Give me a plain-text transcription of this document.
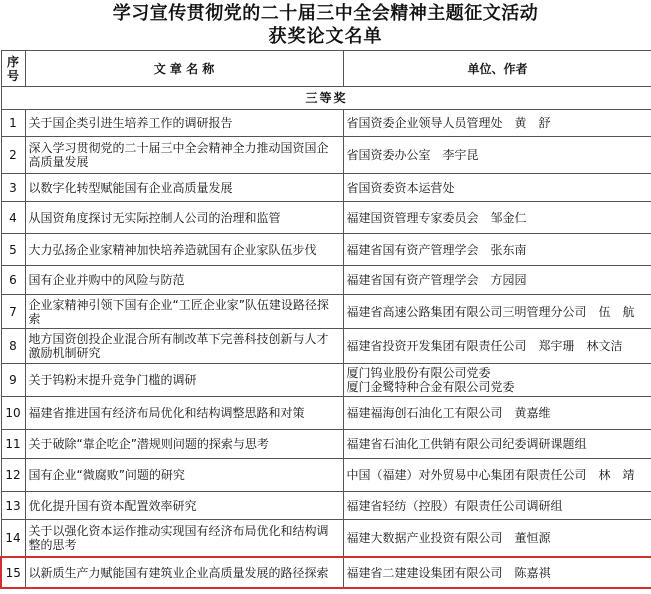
学习宣传贯彻党的二十届三中全会精神主题征文活动
获奖论文名单
序号	文 章 名 称	单位、作者
三等奖		
1	关于国企类引进生培养工作的调研报告	省国资委企业领导人员管理处　黄　舒
2	深入学习贯彻党的二十届三中全会精神全力推动国资国企高质量发展	省国资委办公室　李宇昆
3	以数字化转型赋能国有企业高质量发展	省国资委资本运营处
4	从国资角度探讨无实际控制人公司的治理和监管	福建国资管理专家委员会　邹金仁
5	大力弘扬企业家精神加快培养造就国有企业家队伍步伐	福建省国有资产管理学会　张东南
6	国有企业并购中的风险与防范	福建省国有资产管理学会　方园园
7	企业家精神引领下国有企业“工匠企业家”队伍建设路径探索	福建省高速公路集团有限公司三明管理分公司　伍　航
8	地方国资创投企业混合所有制改革下完善科技创新与人才激励机制研究	福建省投资开发集团有限责任公司　郑宇珊　林文洁
9	关于钨粉末提升竞争门槛的调研	厦门钨业股份有限公司党委
厦门金鹭特种合金有限公司党委
10	福建省推进国有经济布局优化和结构调整思路和对策	福建福海创石油化工有限公司　黄嘉维
11	关于破除“靠企吃企”潜规则问题的探索与思考	福建省石油化工供销有限公司纪委调研课题组
12	国有企业“微腐败”问题的研究	中国（福建）对外贸易中心集团有限责任公司　林　靖
13	优化提升国有资本配置效率研究	福建省轻纺（控股）有限责任公司调研组
14	关于以强化资本运作推动实现国有经济布局优化和结构调整的思考	福建大数据产业投资有限公司　董恒源
15	以新质生产力赋能国有建筑业企业高质量发展的路径探索	福建省二建建设集团有限公司　陈嘉祺
